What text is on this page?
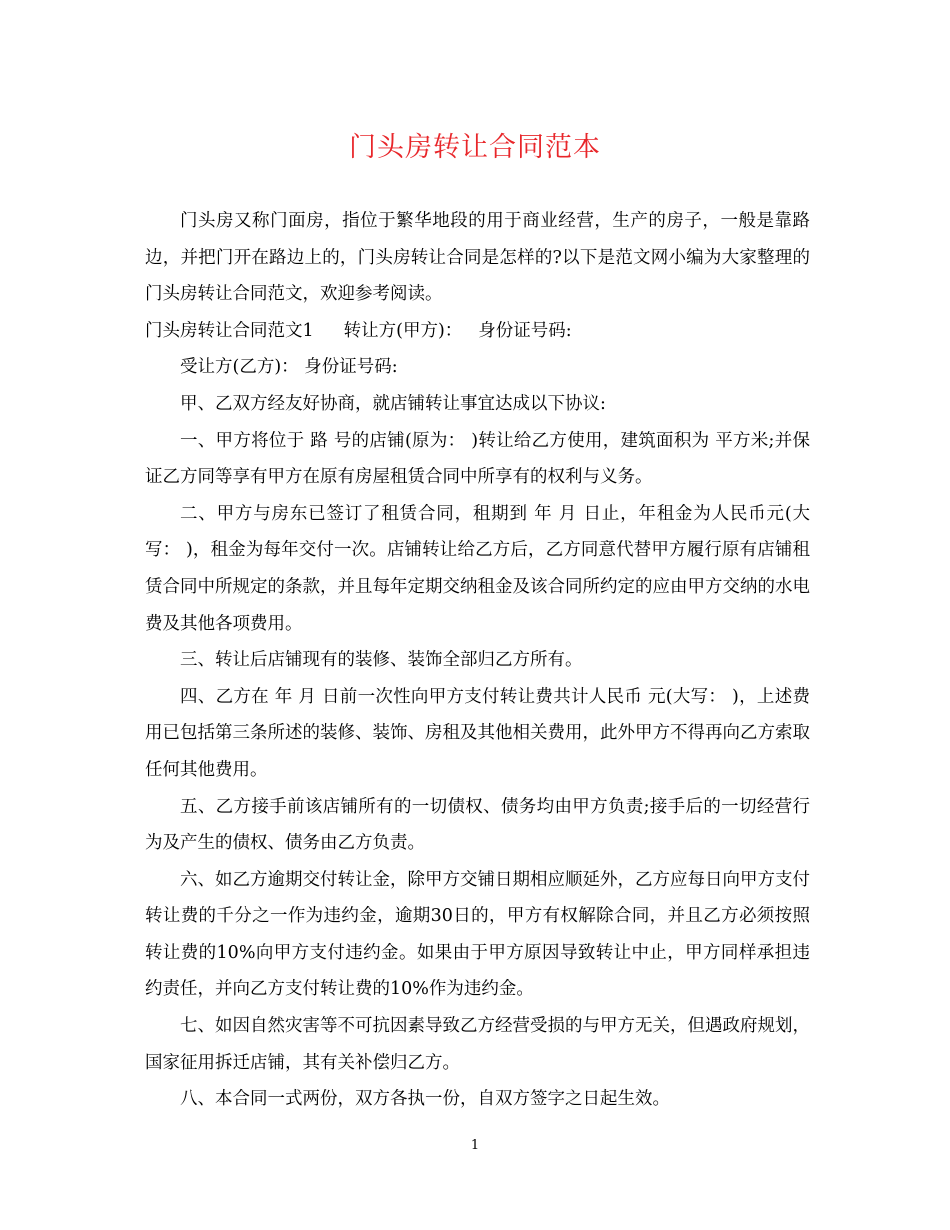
门头房转让合同范本

门头房又称门面房，指位于繁华地段的用于商业经营，生产的房子，一般是靠路边，并把门开在路边上的，门头房转让合同是怎样的?以下是范文网小编为大家整理的门头房转让合同范文，欢迎参考阅读。

门头房转让合同范文1 转让方(甲方)： 身份证号码:

受让方(乙方)： 身份证号码:

甲、乙双方经友好协商，就店铺转让事宜达成以下协议:

一、甲方将位于 路 号的店铺(原为： )转让给乙方使用，建筑面积为 平方米;并保证乙方同等享有甲方在原有房屋租赁合同中所享有的权利与义务。

二、甲方与房东已签订了租赁合同，租期到 年 月 日止，年租金为人民币元(大写： )，租金为每年交付一次。店铺转让给乙方后，乙方同意代替甲方履行原有店铺租赁合同中所规定的条款，并且每年定期交纳租金及该合同所约定的应由甲方交纳的水电费及其他各项费用。

三、转让后店铺现有的装修、装饰全部归乙方所有。

四、乙方在 年 月 日前一次性向甲方支付转让费共计人民币 元(大写： )，上述费用已包括第三条所述的装修、装饰、房租及其他相关费用，此外甲方不得再向乙方索取任何其他费用。

五、乙方接手前该店铺所有的一切债权、债务均由甲方负责;接手后的一切经营行为及产生的债权、债务由乙方负责。

六、如乙方逾期交付转让金，除甲方交铺日期相应顺延外，乙方应每日向甲方支付转让费的千分之一作为违约金，逾期30日的，甲方有权解除合同，并且乙方必须按照转让费的10%向甲方支付违约金。如果由于甲方原因导致转让中止，甲方同样承担违约责任，并向乙方支付转让费的10%作为违约金。

七、如因自然灾害等不可抗因素导致乙方经营受损的与甲方无关，但遇政府规划，国家征用拆迁店铺，其有关补偿归乙方。

八、本合同一式两份，双方各执一份，自双方签字之日起生效。

1
